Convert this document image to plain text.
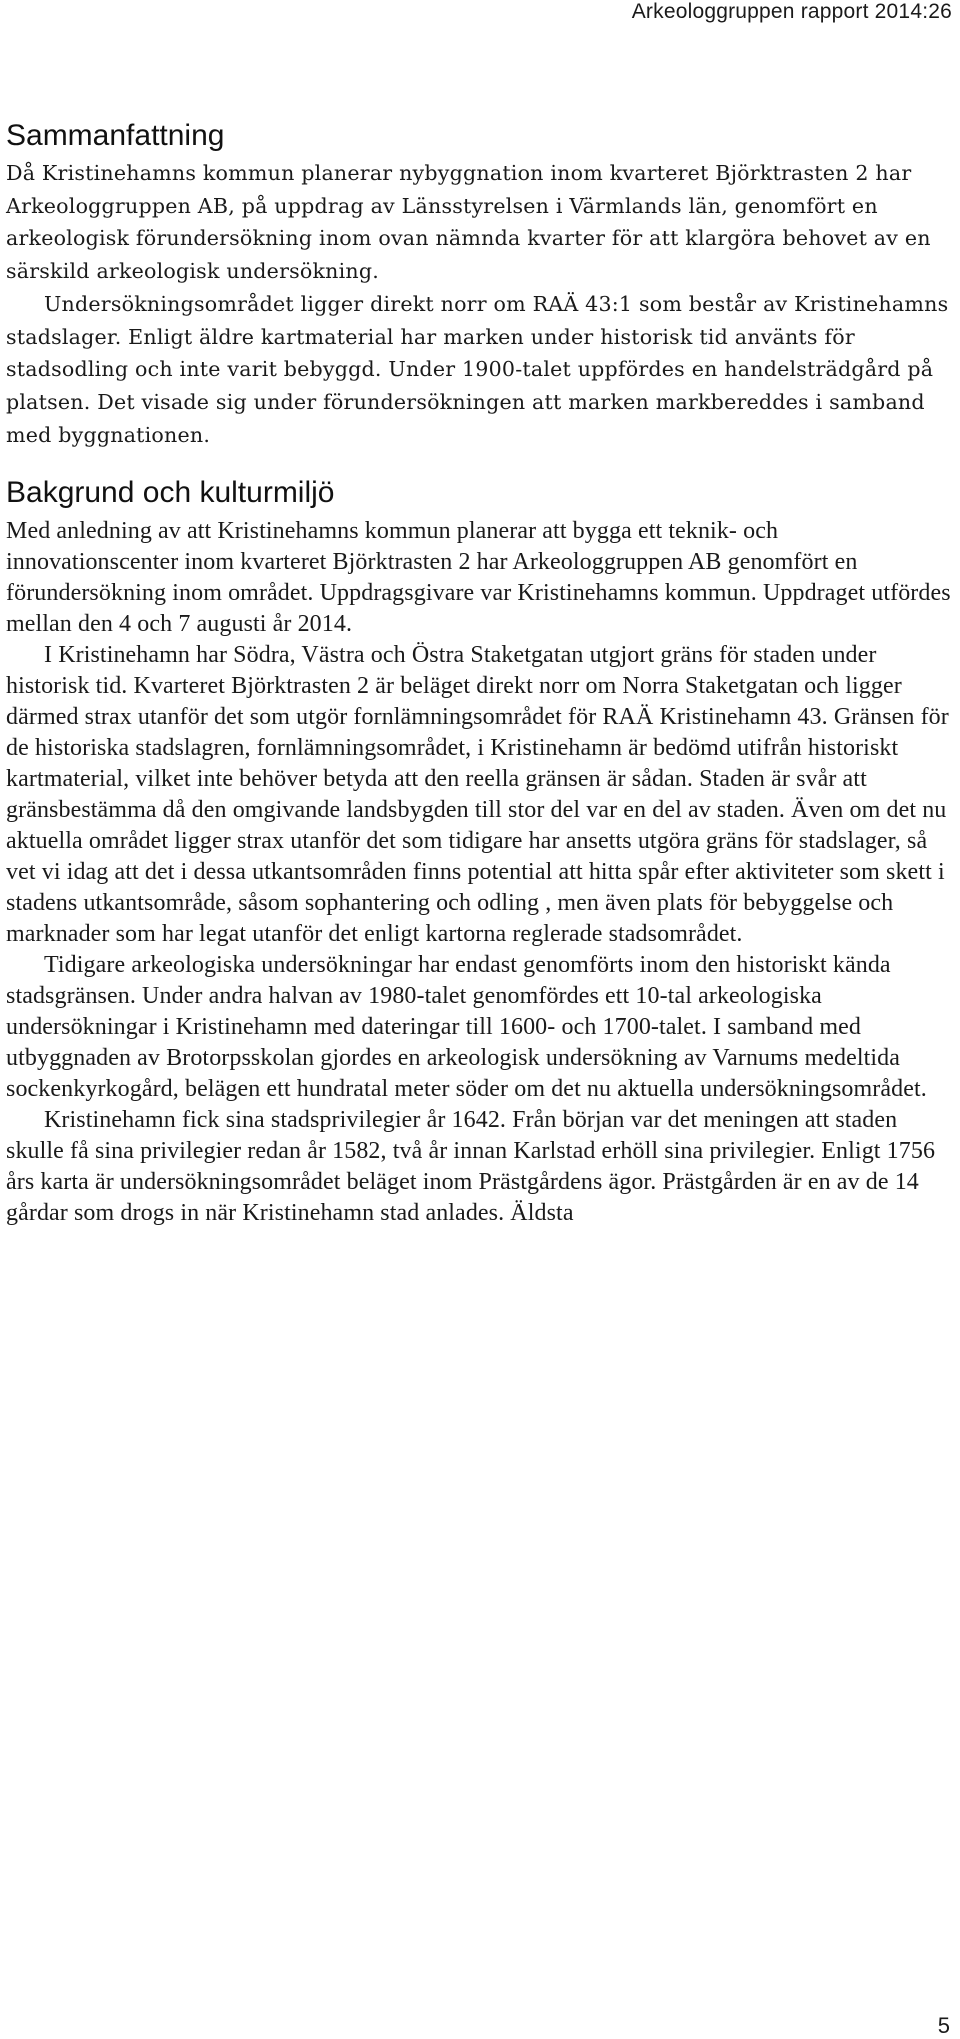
Arkeologgruppen rapport 2014:26
Sammanfattning

Då Kristinehamns kommun planerar nybyggnation inom kvarteret Björktrasten 2 har Arkeologgruppen AB, på uppdrag av Länsstyrelsen i Värmlands län, genomfört en arkeologisk förundersökning inom ovan nämnda kvarter för att klargöra behovet av en särskild arkeologisk undersökning.

Undersökningsområdet ligger direkt norr om RAÄ 43:1 som består av Kristinehamns stadslager. Enligt äldre kartmaterial har marken under historisk tid använts för stadsodling och inte varit bebyggd. Under 1900-talet uppfördes en handelsträdgård på platsen. Det visade sig under förundersökningen att marken markbereddes i samband med byggnationen.

Bakgrund och kulturmiljö

Med anledning av att Kristinehamns kommun planerar att bygga ett teknik- och innovationscenter inom kvarteret Björktrasten 2 har Arkeologgruppen AB genomfört en förundersökning inom området. Uppdragsgivare var Kristinehamns kommun. Uppdraget utfördes mellan den 4 och 7 augusti år 2014.

I Kristinehamn har Södra, Västra och Östra Staketgatan utgjort gräns för staden under historisk tid. Kvarteret Björktrasten 2 är beläget direkt norr om Norra Staketgatan och ligger därmed strax utanför det som utgör fornlämningsområdet för RAÄ Kristinehamn 43. Gränsen för de historiska stadslagren, fornlämningsområdet, i Kristinehamn är bedömd utifrån historiskt kartmaterial, vilket inte behöver betyda att den reella gränsen är sådan. Staden är svår att gränsbestämma då den omgivande landsbygden till stor del var en del av staden. Även om det nu aktuella området ligger strax utanför det som tidigare har ansetts utgöra gräns för stadslager, så vet vi idag att det i dessa utkantsområden finns potential att hitta spår efter aktiviteter som skett i stadens utkantsområde, såsom sophantering och odling , men även plats för bebyggelse och marknader som har legat utanför det enligt kartorna reglerade stadsområdet.

Tidigare arkeologiska undersökningar har endast genomförts inom den historiskt kända stadsgränsen. Under andra halvan av 1980-talet genomfördes ett 10-tal arkeologiska undersökningar i Kristinehamn med dateringar till 1600- och 1700-talet. I samband med utbyggnaden av Brotorpsskolan gjordes en arkeologisk undersökning av Varnums medeltida sockenkyrkogård, belägen ett hundratal meter söder om det nu aktuella undersökningsområdet.

Kristinehamn fick sina stadsprivilegier år 1642. Från början var det meningen att staden skulle få sina privilegier redan år 1582, två år innan Karlstad erhöll sina privilegier. Enligt 1756 års karta är undersökningsområdet beläget inom Prästgårdens ägor. Prästgården är en av de 14 gårdar som drogs in när Kristinehamn stad anlades. Äldsta

5
